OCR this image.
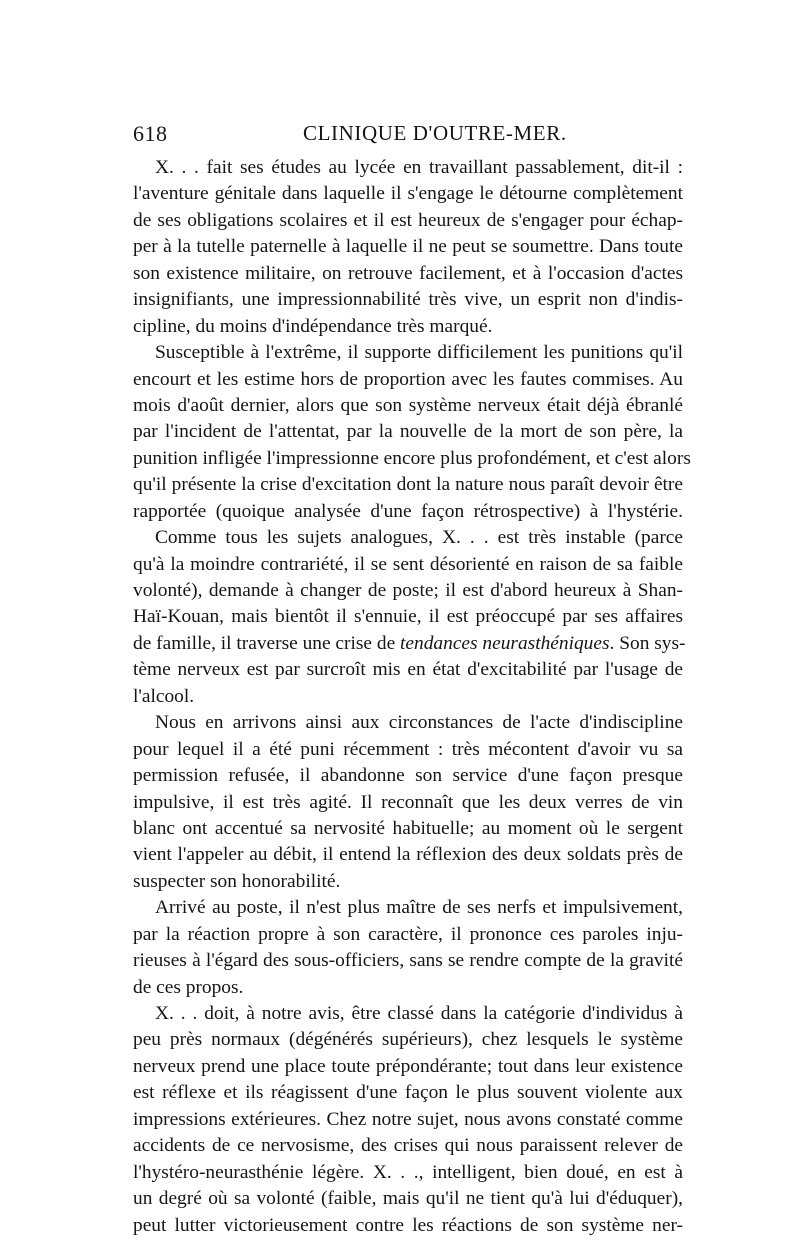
618	CLINIQUE D'OUTRE-MER.
X. . . fait ses études au lycée en travaillant passablement, dit-il :
l'aventure génitale dans laquelle il s'engage le détourne complètement
de ses obligations scolaires et il est heureux de s'engager pour échap-
per à la tutelle paternelle à laquelle il ne peut se soumettre. Dans toute
son existence militaire, on retrouve facilement, et à l'occasion d'actes
insignifiants, une impressionnabilité très vive, un esprit non d'indis-
cipline, du moins d'indépendance très marqué.
Susceptible à l'extrême, il supporte difficilement les punitions qu'il
encourt et les estime hors de proportion avec les fautes commises. Au
mois d'août dernier, alors que son système nerveux était déjà ébranlé
par l'incident de l'attentat, par la nouvelle de la mort de son père, la
punition infligée l'impressionne encore plus profondément, et c'est alors
qu'il présente la crise d'excitation dont la nature nous paraît devoir être
rapportée (quoique analysée d'une façon rétrospective) à l'hystérie.
Comme tous les sujets analogues, X. . . est très instable (parce
qu'à la moindre contrariété, il se sent désorienté en raison de sa faible
volonté), demande à changer de poste; il est d'abord heureux à Shan-
Haï-Kouan, mais bientôt il s'ennuie, il est préoccupé par ses affaires
de famille, il traverse une crise de tendances neurasthéniques. Son sys-
tème nerveux est par surcroît mis en état d'excitabilité par l'usage de
l'alcool.
Nous en arrivons ainsi aux circonstances de l'acte d'indiscipline
pour lequel il a été puni récemment : très mécontent d'avoir vu sa
permission refusée, il abandonne son service d'une façon presque
impulsive, il est très agité. Il reconnaît que les deux verres de vin
blanc ont accentué sa nervosité habituelle; au moment où le sergent
vient l'appeler au débit, il entend la réflexion des deux soldats près de
suspecter son honorabilité.
Arrivé au poste, il n'est plus maître de ses nerfs et impulsivement,
par la réaction propre à son caractère, il prononce ces paroles inju-
rieuses à l'égard des sous-officiers, sans se rendre compte de la gravité
de ces propos.
X. . . doit, à notre avis, être classé dans la catégorie d'individus à
peu près normaux (dégénérés supérieurs), chez lesquels le système
nerveux prend une place toute prépondérante; tout dans leur existence
est réflexe et ils réagissent d'une façon le plus souvent violente aux
impressions extérieures. Chez notre sujet, nous avons constaté comme
accidents de ce nervosisme, des crises qui nous paraissent relever de
l'hystéro-neurasthénie légère. X. . ., intelligent, bien doué, en est à
un degré où sa volonté (faible, mais qu'il ne tient qu'à lui d'éduquer),
peut lutter victorieusement contre les réactions de son système ner-
